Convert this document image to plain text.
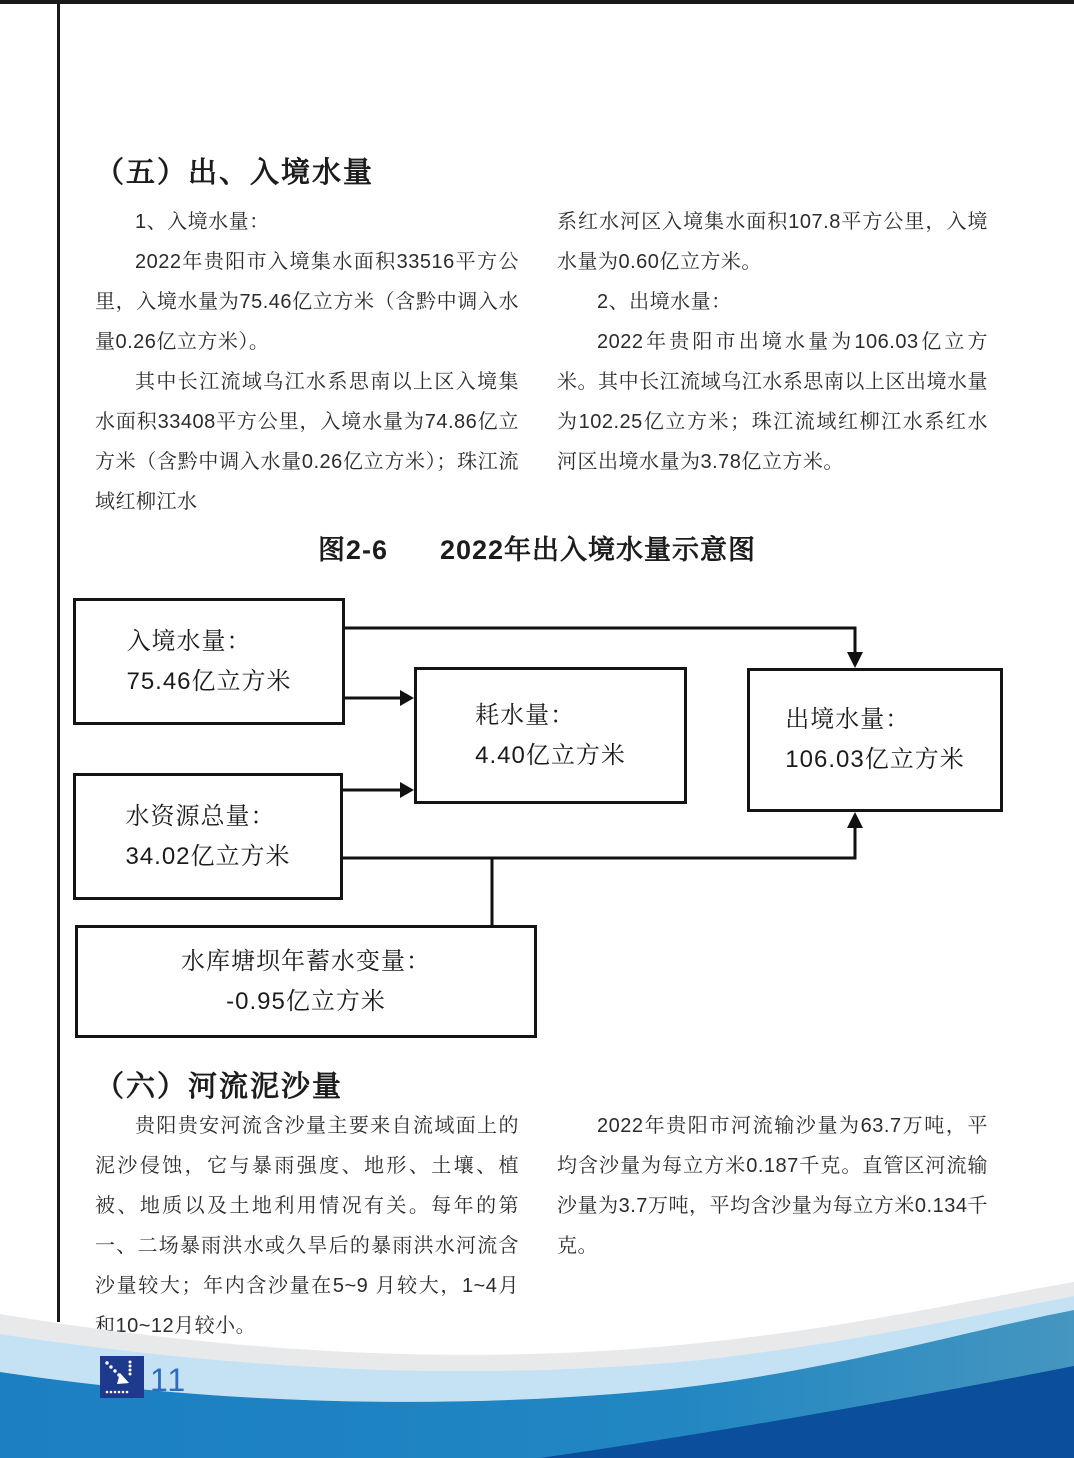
（五）出、入境水量

1、入境水量：

2022年贵阳市入境集水面积33516平方公里，入境水量为75.46亿立方米（含黔中调入水量0.26亿立方米）。

其中长江流域乌江水系思南以上区入境集水面积33408平方公里，入境水量为74.86亿立方米（含黔中调入水量0.26亿立方米）；珠江流域红柳江水

系红水河区入境集水面积107.8平方公里，入境水量为0.60亿立方米。

2、出境水量：

2022年贵阳市出境水量为106.03亿立方米。其中长江流域乌江水系思南以上区出境水量为102.25亿立方米；珠江流域红柳江水系红水河区出境水量为3.78亿立方米。

图2-6 2022年出入境水量示意图
入境水量：
75.46亿立方米
耗水量：
4.40亿立方米
出境水量：
106.03亿立方米
水资源总量：
34.02亿立方米
水库塘坝年蓄水变量：
-0.95亿立方米
（六）河流泥沙量

贵阳贵安河流含沙量主要来自流域面上的泥沙侵蚀，它与暴雨强度、地形、土壤、植被、地质以及土地利用情况有关。每年的第一、二场暴雨洪水或久旱后的暴雨洪水河流含沙量较大；年内含沙量在5~9 月较大，1~4月和10~12月较小。

2022年贵阳市河流输沙量为63.7万吨，平均含沙量为每立方米0.187千克。直管区河流输沙量为3.7万吨，平均含沙量为每立方米0.134千克。

11
